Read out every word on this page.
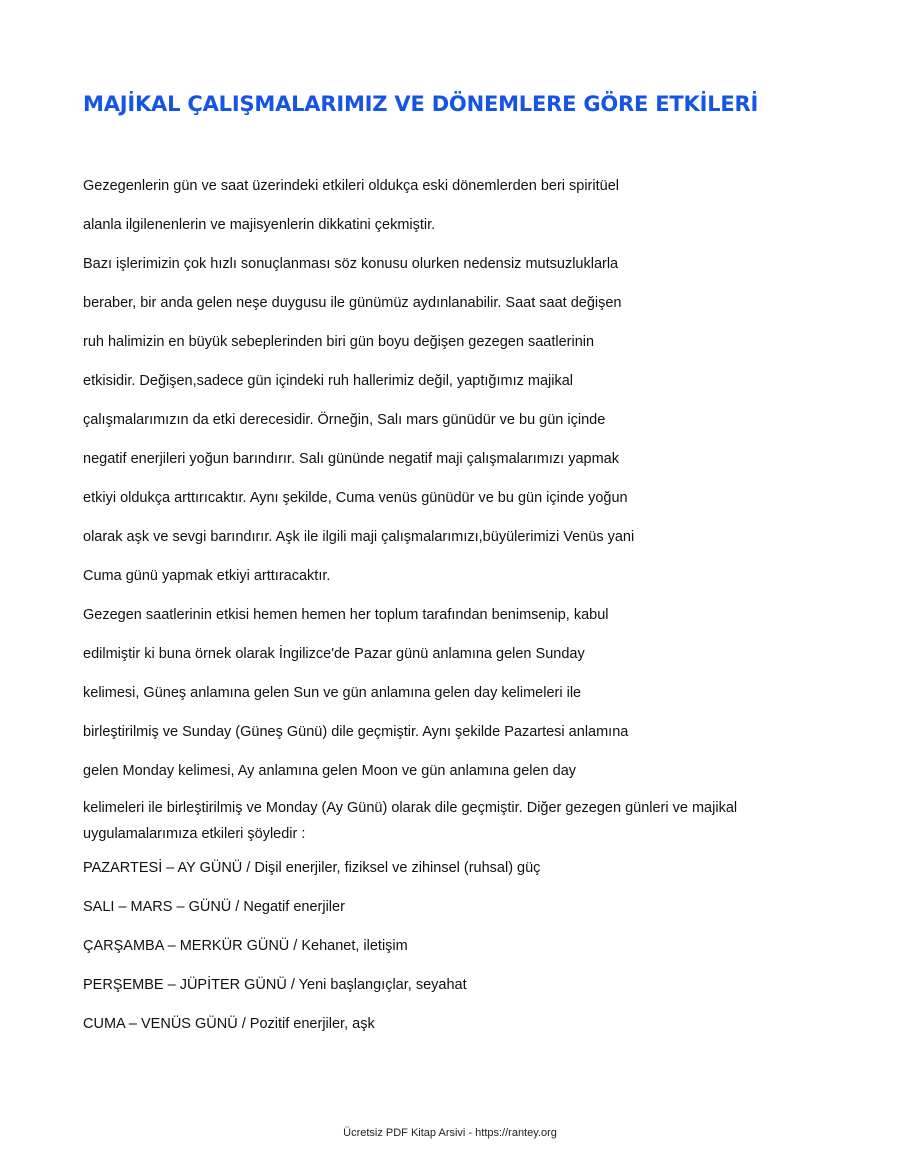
MAJİKAL ÇALIŞMALARIMIZ VE DÖNEMLERE GÖRE ETKİLERİ

Gezegenlerin gün ve saat üzerindeki etkileri oldukça eski dönemlerden beri spiritüel

alanla ilgilenenlerin ve majisyenlerin dikkatini çekmiştir.

Bazı işlerimizin çok hızlı sonuçlanması söz konusu olurken nedensiz mutsuzluklarla

beraber, bir anda gelen neşe duygusu ile günümüz aydınlanabilir. Saat saat değişen

ruh halimizin en büyük sebeplerinden biri gün boyu değişen gezegen saatlerinin

etkisidir. Değişen,sadece gün içindeki ruh hallerimiz değil, yaptığımız majikal

çalışmalarımızın da etki derecesidir. Örneğin, Salı mars günüdür ve bu gün içinde

negatif enerjileri yoğun barındırır. Salı gününde negatif maji çalışmalarımızı yapmak

etkiyi oldukça arttırıcaktır. Aynı şekilde, Cuma venüs günüdür ve bu gün içinde yoğun

olarak aşk ve sevgi barındırır. Aşk ile ilgili maji çalışmalarımızı,büyülerimizi Venüs yani

Cuma günü yapmak etkiyi arttıracaktır.

Gezegen saatlerinin etkisi hemen hemen her toplum tarafından benimsenip, kabul

edilmiştir ki buna örnek olarak İngilizce'de Pazar günü anlamına gelen Sunday

kelimesi, Güneş anlamına gelen Sun ve gün anlamına gelen day kelimeleri ile

birleştirilmiş ve Sunday (Güneş Günü) dile geçmiştir. Aynı şekilde Pazartesi anlamına

gelen Monday kelimesi, Ay anlamına gelen Moon ve gün anlamına gelen day

kelimeleri ile birleştirilmiş ve Monday (Ay Günü) olarak dile geçmiştir. Diğer gezegen günleri ve majikal

uygulamalarımıza etkileri şöyledir :

PAZARTESİ – AY GÜNÜ / Dişil enerjiler, fiziksel ve zihinsel (ruhsal) güç

SALI – MARS – GÜNÜ / Negatif enerjiler

ÇARŞAMBA – MERKÜR GÜNÜ / Kehanet, iletişim

PERŞEMBE – JÜPİTER GÜNÜ / Yeni başlangıçlar, seyahat

CUMA – VENÜS GÜNÜ / Pozitif enerjiler, aşk

Ücretsiz PDF Kitap Arsivi - https://rantey.org
